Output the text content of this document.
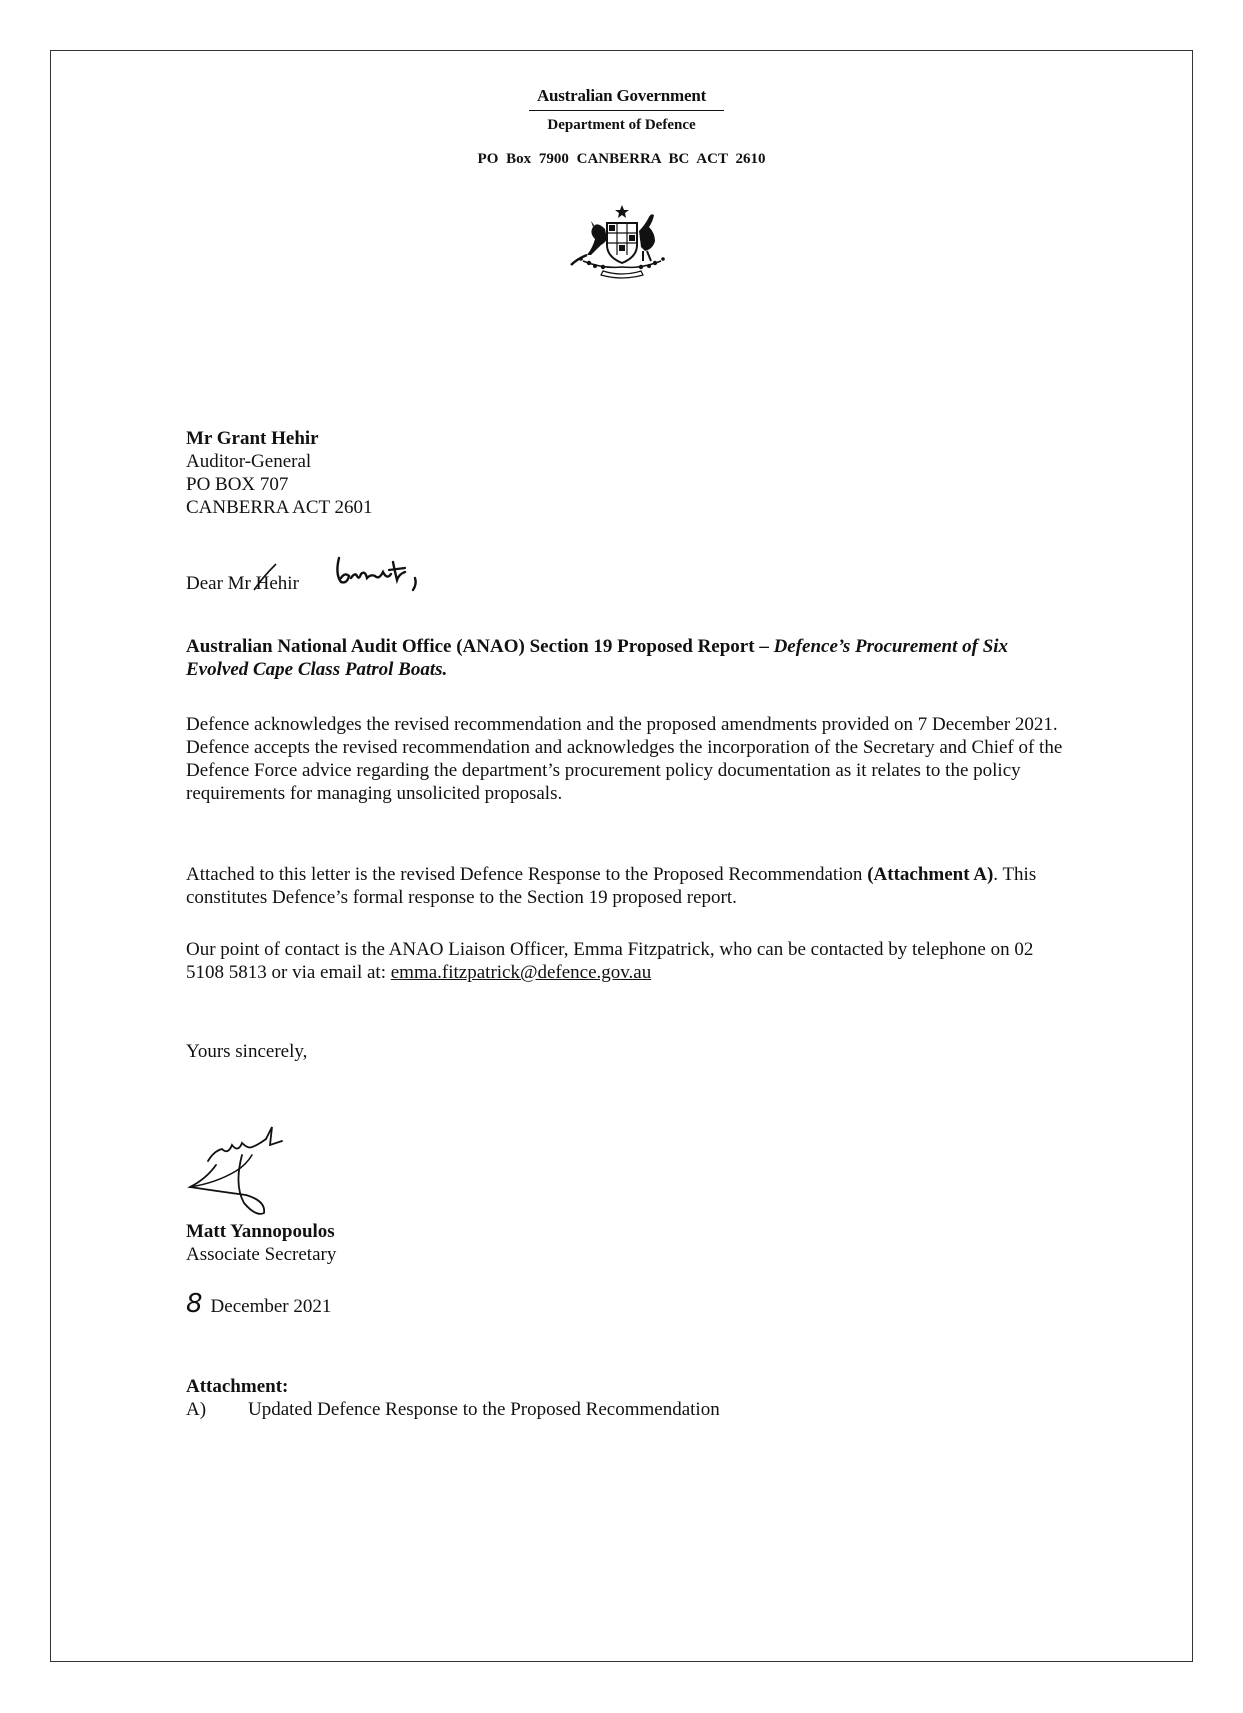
Australian Government
Department of Defence
PO Box 7900 CANBERRA BC ACT 2610
Mr Grant Hehir
Auditor-General
PO BOX 707
CANBERRA ACT 2601
Dear Mr Hehir
Australian National Audit Office (ANAO) Section 19 Proposed Report – Defence’s Procurement of Six Evolved Cape Class Patrol Boats.
Defence acknowledges the revised recommendation and the proposed amendments provided on 7 December 2021. Defence accepts the revised recommendation and acknowledges the incorporation of the Secretary and Chief of the Defence Force advice regarding the department’s procurement policy documentation as it relates to the policy requirements for managing unsolicited proposals.
Attached to this letter is the revised Defence Response to the Proposed Recommendation (Attachment A). This constitutes Defence’s formal response to the Section 19 proposed report.
Our point of contact is the ANAO Liaison Officer, Emma Fitzpatrick, who can be contacted by telephone on 02 5108 5813 or via email at: emma.fitzpatrick@defence.gov.au
Yours sincerely,
Matt Yannopoulos
Associate Secretary
8 December 2021
Attachment:
A)	Updated Defence Response to the Proposed Recommendation
